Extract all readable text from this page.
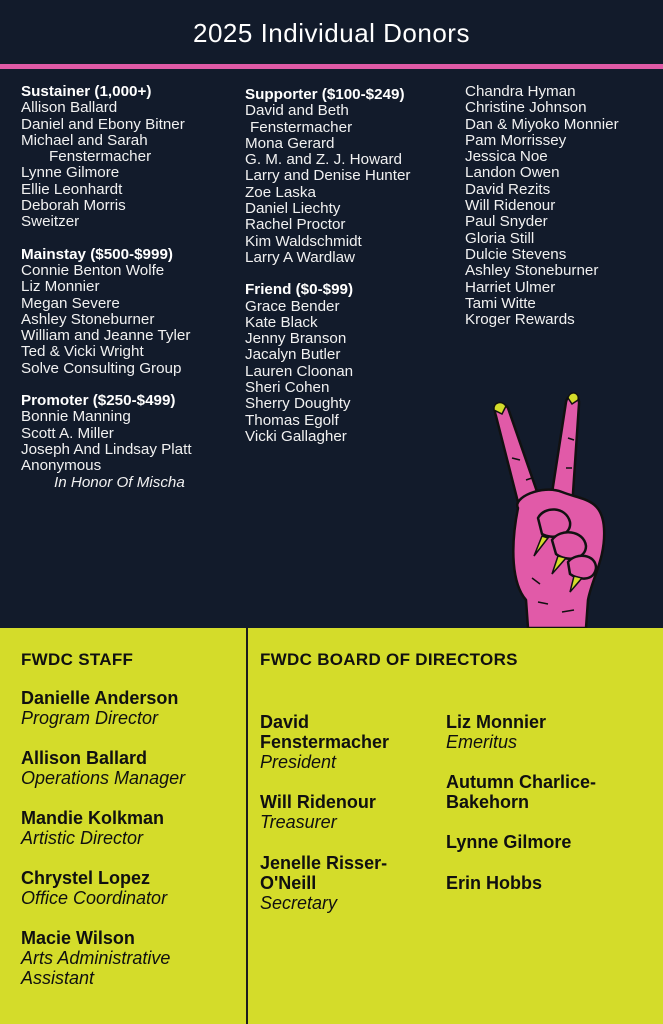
2025 Individual Donors
Sustainer (1,000+)
Allison Ballard
Daniel and Ebony Bitner
Michael and Sarah
Fenstermacher
Lynne Gilmore
Ellie Leonhardt
Deborah Morris
Sweitzer
Mainstay ($500-$999)
Connie Benton Wolfe
Liz Monnier
Megan Severe
Ashley Stoneburner
William and Jeanne Tyler
Ted & Vicki Wright
Solve Consulting Group
Promoter ($250-$499)
Bonnie Manning
Scott A. Miller
Joseph And Lindsay Platt
Anonymous
In Honor Of Mischa
Supporter ($100-$249)
David and Beth
Fenstermacher
Mona Gerard
G. M. and Z. J. Howard
Larry and Denise Hunter
Zoe Laska
Daniel Liechty
Rachel Proctor
Kim Waldschmidt
Larry A Wardlaw
Friend ($0-$99)
Grace Bender
Kate Black
Jenny Branson
Jacalyn Butler
Lauren Cloonan
Sheri Cohen
Sherry Doughty
Thomas Egolf
Vicki Gallagher
Chandra Hyman
Christine Johnson
Dan & Miyoko Monnier
Pam Morrissey
Jessica Noe
Landon Owen
David Rezits
Will Ridenour
Paul Snyder
Gloria Still
Dulcie Stevens
Ashley Stoneburner
Harriet Ulmer
Tami Witte
Kroger Rewards
FWDC STAFF
Danielle Anderson
Program Director
Allison Ballard
Operations Manager
Mandie Kolkman
Artistic Director
Chrystel Lopez
Office Coordinator
Macie Wilson
Arts Administrative Assistant
FWDC BOARD OF DIRECTORS
David Fenstermacher
President
Will Ridenour
Treasurer
Jenelle Risser-O'Neill
Secretary
Liz Monnier
Emeritus
Autumn Charlice-Bakehorn
Lynne Gilmore
Erin Hobbs
